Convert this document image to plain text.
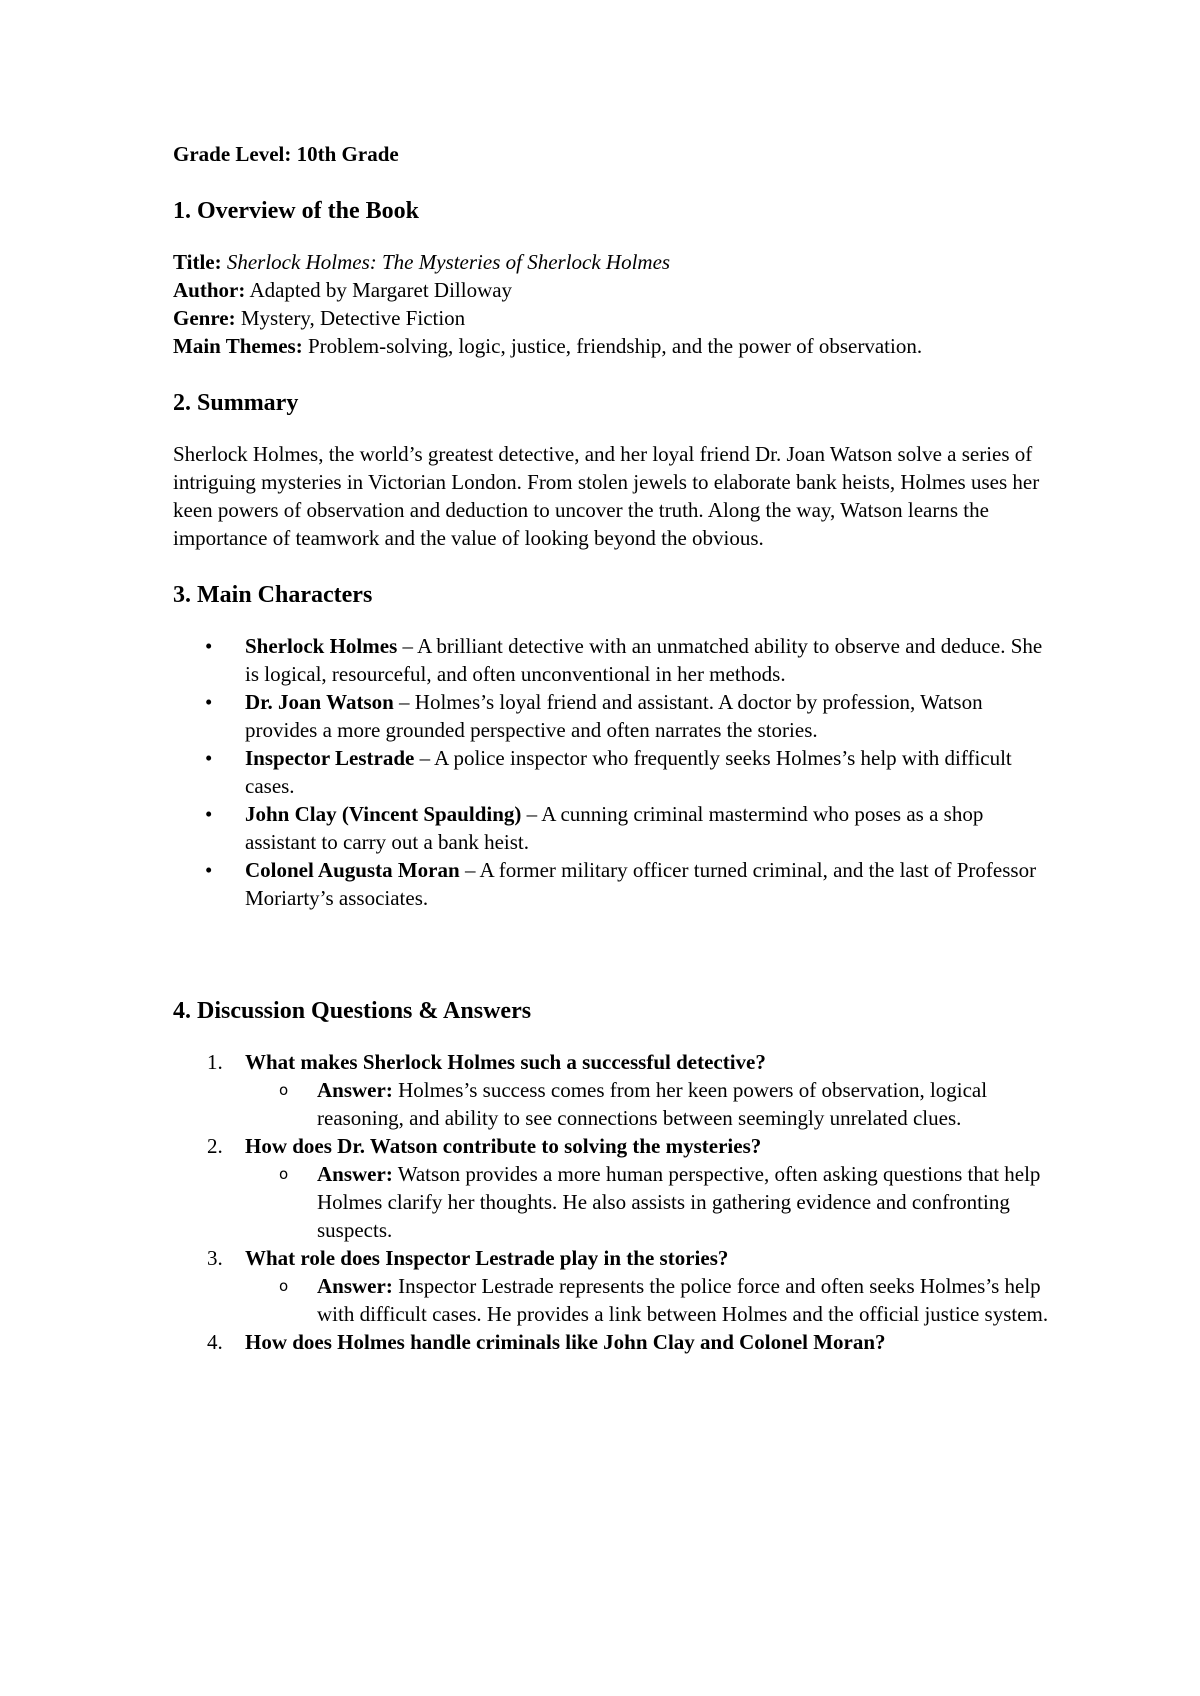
Grade Level: 10th Grade
1. Overview of the Book

Title: Sherlock Holmes: The Mysteries of Sherlock Holmes

Author: Adapted by Margaret Dilloway

Genre: Mystery, Detective Fiction

Main Themes: Problem-solving, logic, justice, friendship, and the power of observation.

2. Summary

Sherlock Holmes, the world’s greatest detective, and her loyal friend Dr. Joan Watson solve a series of intriguing mysteries in Victorian London. From stolen jewels to elaborate bank heists, Holmes uses her keen powers of observation and deduction to uncover the truth. Along the way, Watson learns the importance of teamwork and the value of looking beyond the obvious.

3. Main Characters
• Sherlock Holmes – A brilliant detective with an unmatched ability to observe and deduce. She is logical, resourceful, and often unconventional in her methods.
• Dr. Joan Watson – Holmes’s loyal friend and assistant. A doctor by profession, Watson provides a more grounded perspective and often narrates the stories.
• Inspector Lestrade – A police inspector who frequently seeks Holmes’s help with difficult cases.
• John Clay (Vincent Spaulding) – A cunning criminal mastermind who poses as a shop assistant to carry out a bank heist.
• Colonel Augusta Moran – A former military officer turned criminal, and the last of Professor Moriarty’s associates.
4. Discussion Questions & Answers
1. What makes Sherlock Holmes such a successful detective?
o Answer: Holmes’s success comes from her keen powers of observation, logical reasoning, and ability to see connections between seemingly unrelated clues.
2. How does Dr. Watson contribute to solving the mysteries?
o Answer: Watson provides a more human perspective, often asking questions that help Holmes clarify her thoughts. He also assists in gathering evidence and confronting suspects.
3. What role does Inspector Lestrade play in the stories?
o Answer: Inspector Lestrade represents the police force and often seeks Holmes’s help with difficult cases. He provides a link between Holmes and the official justice system.
4. How does Holmes handle criminals like John Clay and Colonel Moran?
